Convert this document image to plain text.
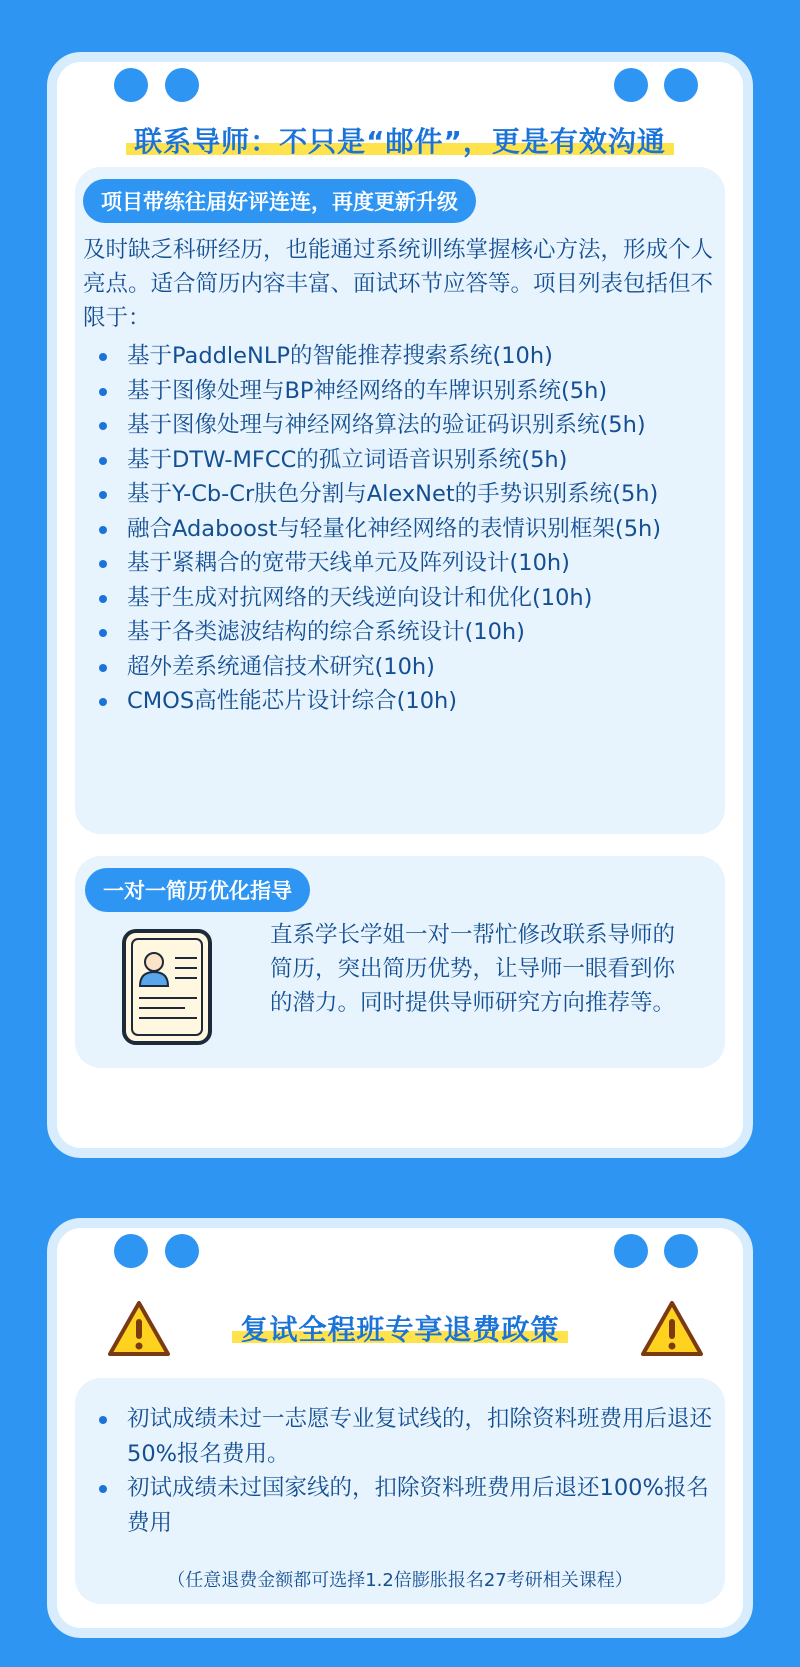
联系导师：不只是“邮件”，更是有效沟通
项目带练往届好评连连，再度更新升级
及时缺乏科研经历，也能通过系统训练掌握核心方法，形成个人亮点。适合简历内容丰富、面试环节应答等。项目列表包括但不限于：
基于PaddleNLP的智能推荐搜索系统(10h)
基于图像处理与BP神经网络的车牌识别系统(5h)
基于图像处理与神经网络算法的验证码识别系统(5h)
基于DTW-MFCC的孤立词语音识别系统(5h)
基于Y-Cb-Cr肤色分割与AlexNet的手势识别系统(5h)
融合Adaboost与轻量化神经网络的表情识别框架(5h)
基于紧耦合的宽带天线单元及阵列设计(10h)
基于生成对抗网络的天线逆向设计和优化(10h)
基于各类滤波结构的综合系统设计(10h)
超外差系统通信技术研究(10h)
CMOS高性能芯片设计综合(10h)
一对一简历优化指导
直系学长学姐一对一帮忙修改联系导师的简历，突出简历优势，让导师一眼看到你的潜力。同时提供导师研究方向推荐等。
复试全程班专享退费政策
初试成绩未过一志愿专业复试线的，扣除资料班费用后退还50%报名费用。
初试成绩未过国家线的，扣除资料班费用后退还100%报名费用
（任意退费金额都可选择1.2倍膨胀报名27考研相关课程）
